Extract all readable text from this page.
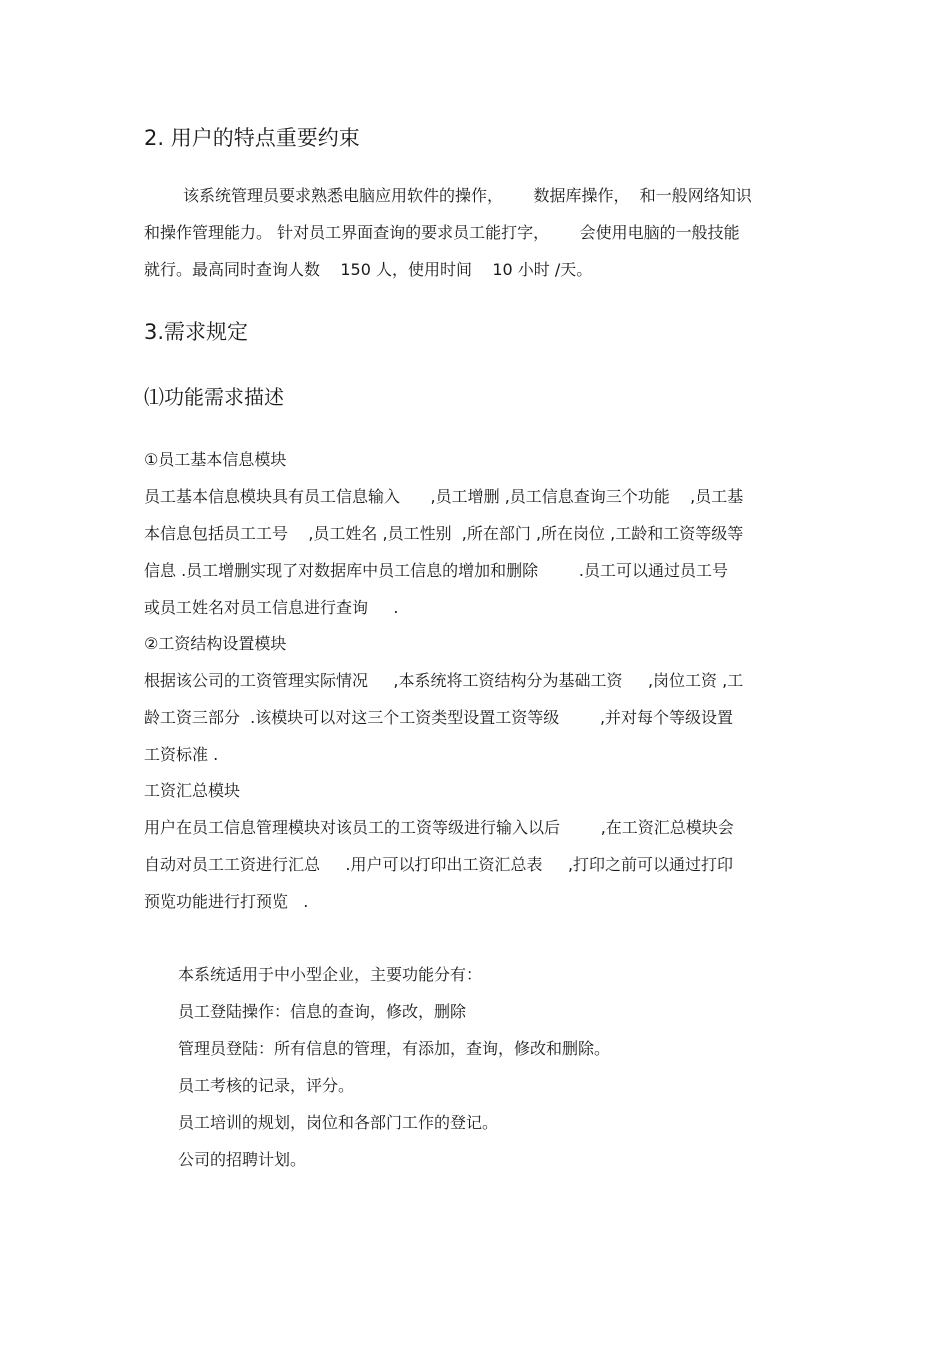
2. 用户的特点重要约束
该系统管理员要求熟悉电脑应用软件的操作，      数据库操作，  和一般网络知识
和操作管理能力。 针对员工界面查询的要求员工能打字，      会使用电脑的一般技能
就行。最高同时查询人数    150 人，使用时间    10 小时 /天。
3.需求规定
⑴功能需求描述
①员工基本信息模块
员工基本信息模块具有员工信息输入      ,员工增删 ,员工信息查询三个功能    ,员工基
本信息包括员工工号    ,员工姓名 ,员工性别  ,所在部门 ,所在岗位 ,工龄和工资等级等
信息 .员工增删实现了对数据库中员工信息的增加和删除        .员工可以通过员工号
或员工姓名对员工信息进行查询     .
②工资结构设置模块
根据该公司的工资管理实际情况     ,本系统将工资结构分为基础工资     ,岗位工资 ,工
龄工资三部分  .该模块可以对这三个工资类型设置工资等级        ,并对每个等级设置
工资标准 .
工资汇总模块
用户在员工信息管理模块对该员工的工资等级进行输入以后        ,在工资汇总模块会
自动对员工工资进行汇总     .用户可以打印出工资汇总表     ,打印之前可以通过打印
预览功能进行打预览   .
本系统适用于中小型企业，主要功能分有：
员工登陆操作：信息的查询，修改，删除
管理员登陆：所有信息的管理，有添加，查询，修改和删除。
员工考核的记录，评分。
员工培训的规划，岗位和各部门工作的登记。
公司的招聘计划。
